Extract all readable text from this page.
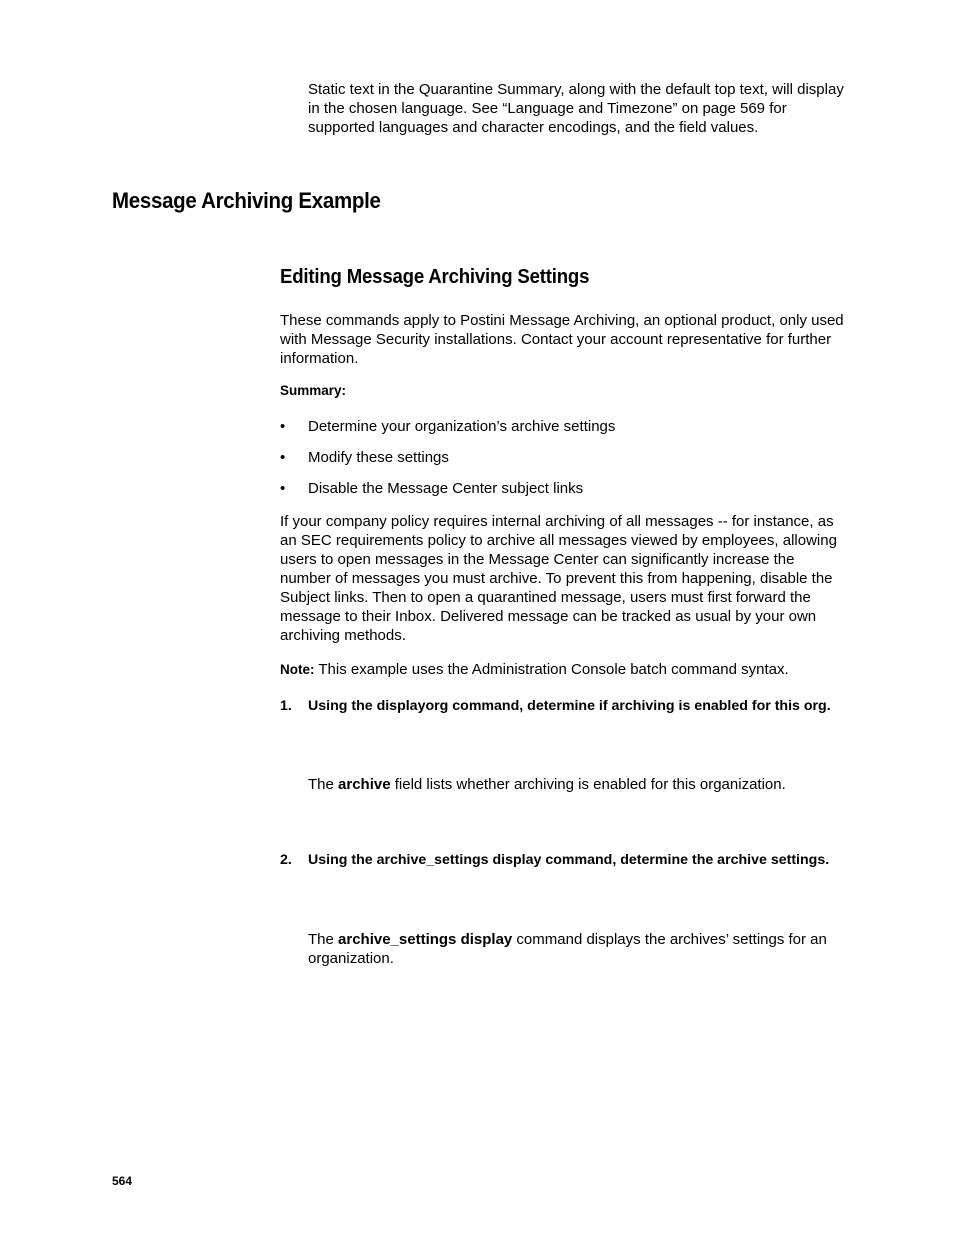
Static text in the Quarantine Summary, along with the default top text, will display in the chosen language. See “Language and Timezone” on page 569 for supported languages and character encodings, and the field values.

Message Archiving Example
Editing Message Archiving Settings

These commands apply to Postini Message Archiving, an optional product, only used with Message Security installations. Contact your account representative for further information.

Summary:
• Determine your organization’s archive settings
• Modify these settings
• Disable the Message Center subject links

If your company policy requires internal archiving of all messages -- for instance, as an SEC requirements policy to archive all messages viewed by employees, allowing users to open messages in the Message Center can significantly increase the number of messages you must archive. To prevent this from happening, disable the Subject links. Then to open a quarantined message, users must first forward the message to their Inbox. Delivered message can be tracked as usual by your own archiving methods.

Note: This example uses the Administration Console batch command syntax.
1. Using the displayorg command, determine if archiving is enabled for this org.

The archive field lists whether archiving is enabled for this organization.

2. Using the archive_settings display command, determine the archive settings.

The archive_settings display command displays the archives’ settings for an organization.

564
